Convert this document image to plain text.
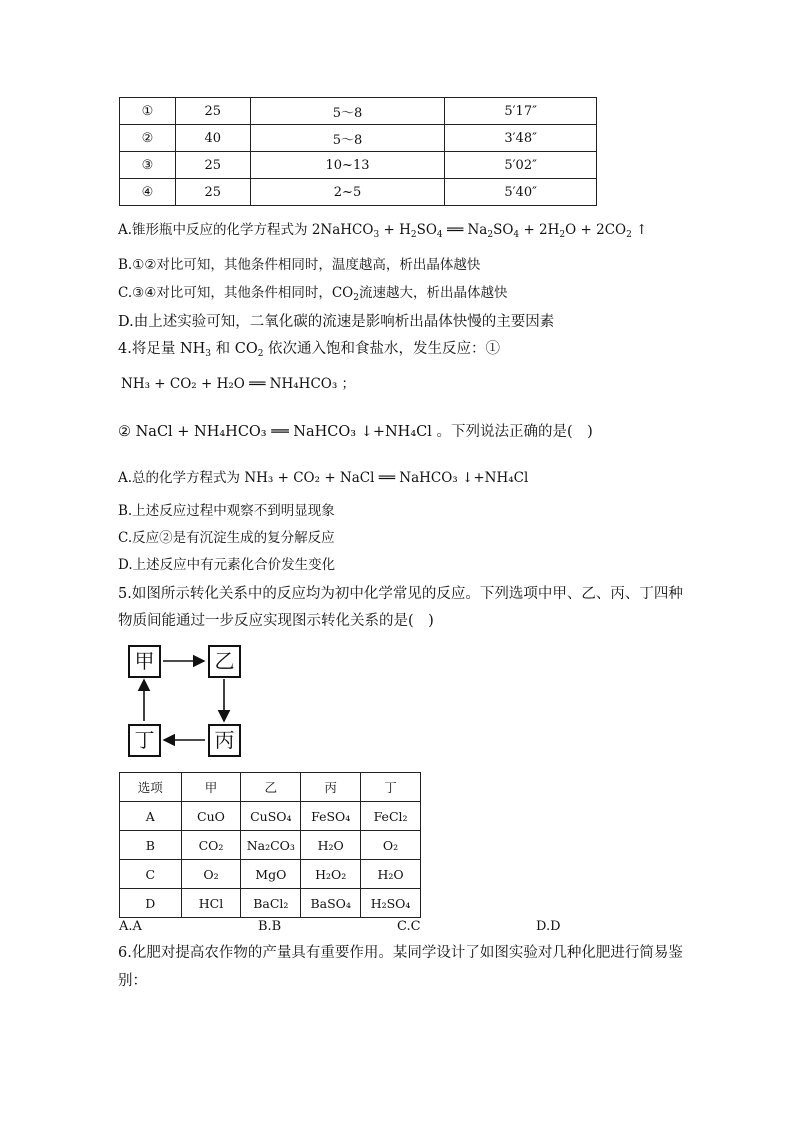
①	25	5～8	5′17″
②	40	5～8	3′48″
③	25	10~13	5′02″
④	25	2~5	5′40″
A.锥形瓶中反应的化学方程式为 2NaHCO$_3$ + $H_2SO_4$ ══ $Na_2SO_4 + 2H_2O + 2CO_2$ ↑
B.①②对比可知，其他条件相同时，温度越高，析出晶体越快
C.③④对比可知，其他条件相同时，$CO_2$流速越大，析出晶体越快
D.由上述实验可知，二氧化碳的流速是影响析出晶体快慢的主要因素
4.将足量 $NH_3$ 和 $CO_2$ 依次通入饱和食盐水，发生反应：①
NH₃ + CO₂ + H₂O ══ NH₄HCO₃ ；
② NaCl + NH₄HCO₃ ══ NaHCO₃ ↓+NH₄Cl 。下列说法正确的是(　)
A.总的化学方程式为 NH₃ + CO₂ + NaCl ══ NaHCO₃ ↓+NH₄Cl
B.上述反应过程中观察不到明显现象
C.反应②是有沉淀生成的复分解反应
D.上述反应中有元素化合价发生变化
5.如图所示转化关系中的反应均为初中化学常见的反应。下列选项中甲、乙、丙、丁四种
物质间能通过一步反应实现图示转化关系的是(　)
甲	乙
丙
丁
选项	甲	乙	丙	丁
A	CuO	CuSO₄	FeSO₄	FeCl₂
B	CO₂	Na₂CO₃	H₂O	O₂
C	O₂	MgO	H₂O₂	H₂O
D	HCl	BaCl₂	BaSO₄	H₂SO₄
A.A	B.B	C.C	D.D
6.化肥对提高农作物的产量具有重要作用。某同学设计了如图实验对几种化肥进行简易鉴
别：
